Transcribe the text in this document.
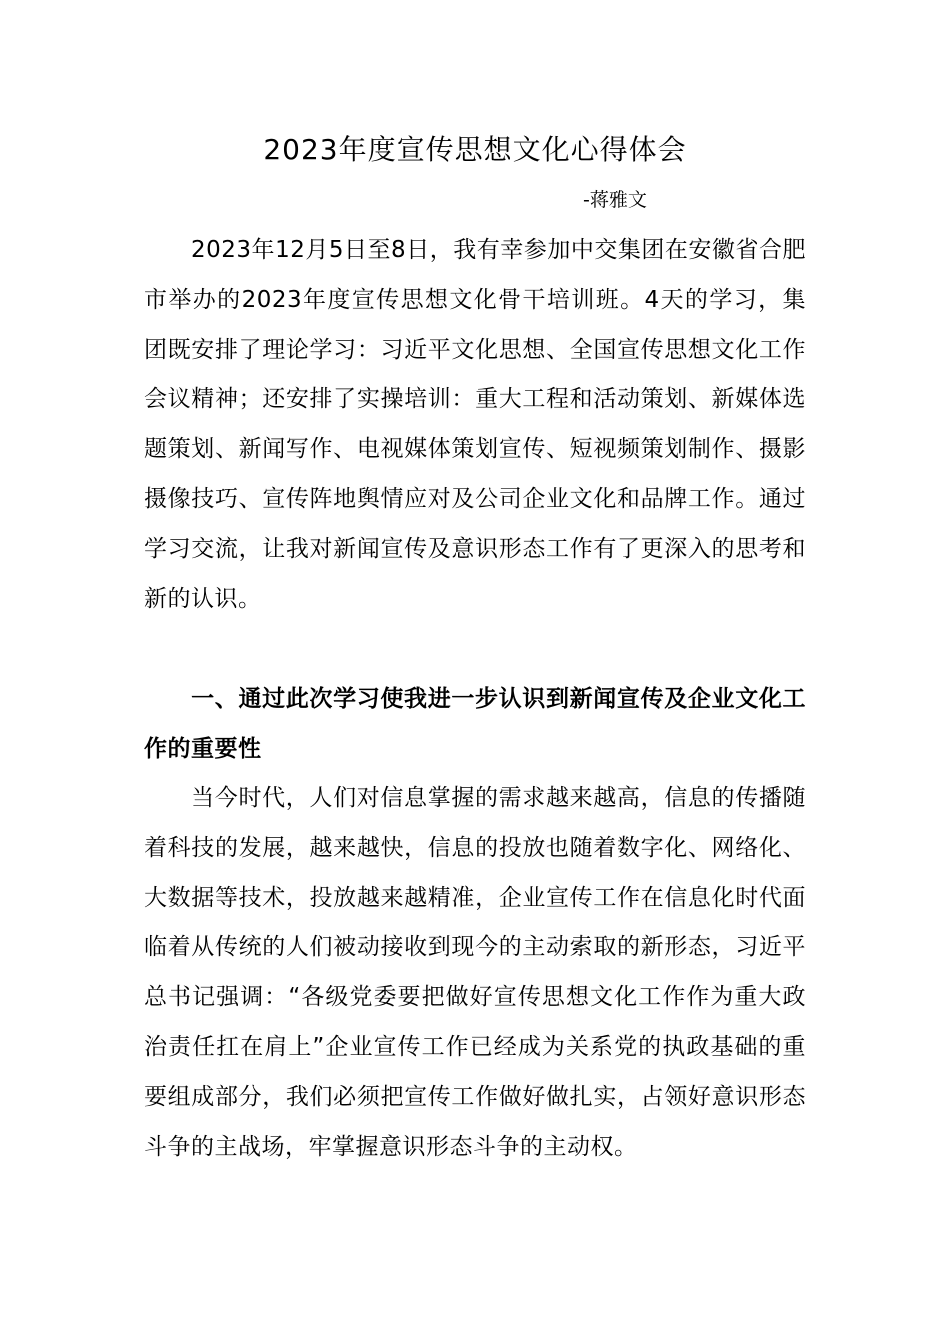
2023年度宣传思想文化心得体会

-蒋雅文

2023年12月5日至8日，我有幸参加中交集团在安徽省合肥市举办的2023年度宣传思想文化骨干培训班。4天的学习，集团既安排了理论学习：习近平文化思想、全国宣传思想文化工作会议精神；还安排了实操培训：重大工程和活动策划、新媒体选题策划、新闻写作、电视媒体策划宣传、短视频策划制作、摄影摄像技巧、宣传阵地舆情应对及公司企业文化和品牌工作。通过学习交流，让我对新闻宣传及意识形态工作有了更深入的思考和新的认识。

一、通过此次学习使我进一步认识到新闻宣传及企业文化工作的重要性

当今时代，人们对信息掌握的需求越来越高，信息的传播随着科技的发展，越来越快，信息的投放也随着数字化、网络化、大数据等技术，投放越来越精准，企业宣传工作在信息化时代面临着从传统的人们被动接收到现今的主动索取的新形态，习近平总书记强调：“各级党委要把做好宣传思想文化工作作为重大政治责任扛在肩上”企业宣传工作已经成为关系党的执政基础的重要组成部分，我们必须把宣传工作做好做扎实，占领好意识形态斗争的主战场，牢掌握意识形态斗争的主动权。
